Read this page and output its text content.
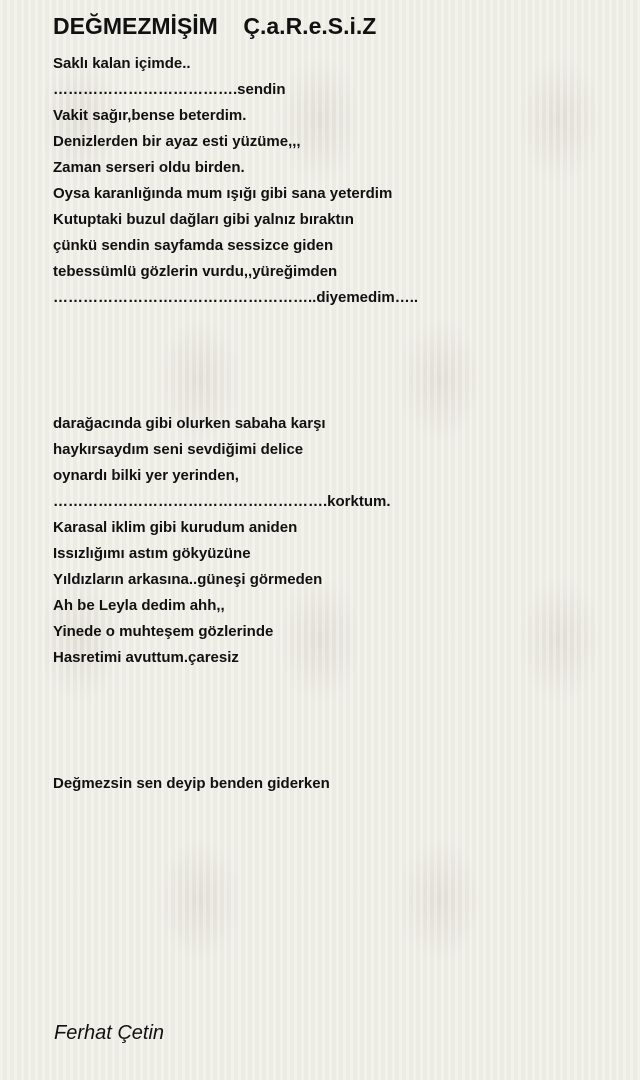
DEĞMEZMİŞİM    Ç.a.R.e.S.i.Z
Saklı kalan içimde..
……………………………….sendin
Vakit sağır,bense beterdim.
Denizlerden bir ayaz esti yüzüme,,,
Zaman serseri oldu birden.
Oysa karanlığında mum ışığı gibi sana yeterdim
Kutuptaki buzul dağları gibi yalnız bıraktın
çünkü sendin sayfamda sessizce giden
tebessümlü gözlerin vurdu,,yüreğimden
……………………………………………..diyemedim…..
darağacında gibi olurken sabaha karşı
haykırsaydım seni sevdiğimi delice
oynardı bilki yer yerinden,
……………………………………………….korktum.
Karasal iklim gibi kurudum aniden
Issızlığımı astım gökyüzüne
Yıldızların arkasına..güneşi görmeden
Ah be Leyla dedim ahh,,
Yinede o muhteşem gözlerinde
Hasretimi avuttum.çaresiz
Değmezsin sen deyip benden giderken

Ferhat Çetin
